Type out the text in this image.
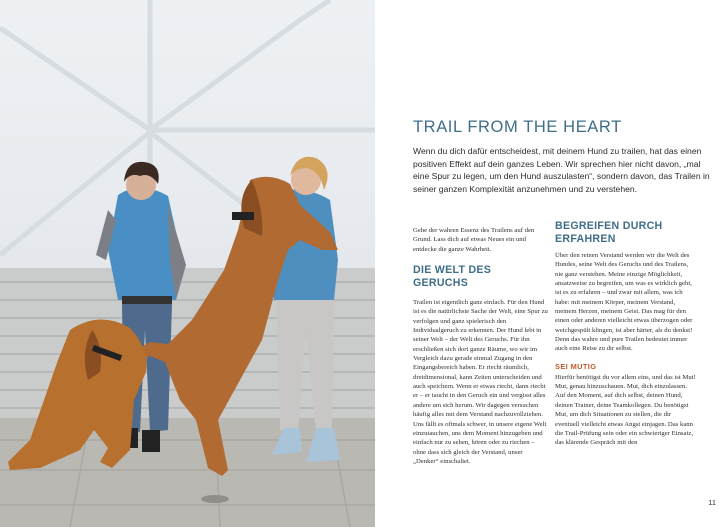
TRAIL FROM THE HEART

Wenn du dich dafür entscheidest, mit deinem Hund zu trailen, hat das einen positiven Effekt auf dein ganzes Leben. Wir sprechen hier nicht davon, „mal eine Spur zu legen, um den Hund auszulasten“, sondern davon, das Trailen in seiner ganzen Komplexität anzunehmen und zu verstehen.

Gehe der wahren Essenz des Trailens auf den Grund. Lass dich auf etwas Neues ein und entdecke die ganze Wahrheit.

DIE WELT DES GERUCHS

Trailen ist eigentlich ganz einfach. Für den Hund ist es die natürlichste Sache der Welt, eine Spur zu verfolgen und ganz spielerisch den Individualgeruch zu erkennen. Der Hund lebt in seiner Welt – der Welt des Geruchs. Für ihn erschließen sich dort ganze Räume, wo wir im Vergleich dazu gerade einmal Zugang in den Eingangsbereich haben. Er riecht räumlich, dreidimensional, kann Zeiten unterscheiden und auch speichern. Wenn er etwas riecht, dann riecht er – er taucht in den Geruch ein und vergisst alles andere um sich herum. Wir dagegen versuchen häufig alles mit dem Verstand nachzuvollziehen. Uns fällt es oftmals schwer, in unsere eigene Welt einzutauchen, uns dem Moment hinzugeben und einfach nur zu sehen, hören oder zu riechen – ohne dass sich gleich der Verstand, unser „Denker“ einschaltet.

BEGREIFEN DURCH ERFAHREN

Über den reinen Verstand werden wir die Welt des Hundes, seine Welt des Geruchs und des Trailens, nie ganz verstehen. Meine einzige Möglichkeit, ansatzweise zu begreifen, um was es wirklich geht, ist es zu erfahren – und zwar mit allem, was ich habe: mit meinem Körper, meinem Verstand, meinem Herzen, meinem Geist. Das mag für den einen oder anderen vielleicht etwas überzogen oder weichgespült klingen, ist aber härter, als du denkst! Denn das wahre und pure Trailen bedeutet immer auch eine Reise zu dir selbst.

SEI MUTIG

Hierfür benötigst du vor allem eins, und das ist Mut! Mut, genau hinzuschauen. Mut, dich einzulassen. Auf den Moment, auf dich selbst, deinen Hund, deinen Trainer, deine Teamkollegen. Du benötigst Mut, um dich Situationen zu stellen, die dir eventuell vielleicht etwas Angst einjagen. Das kann die Trail-Prüfung sein oder ein schwieriger Einsatz, das klärende Gespräch mit den

11
